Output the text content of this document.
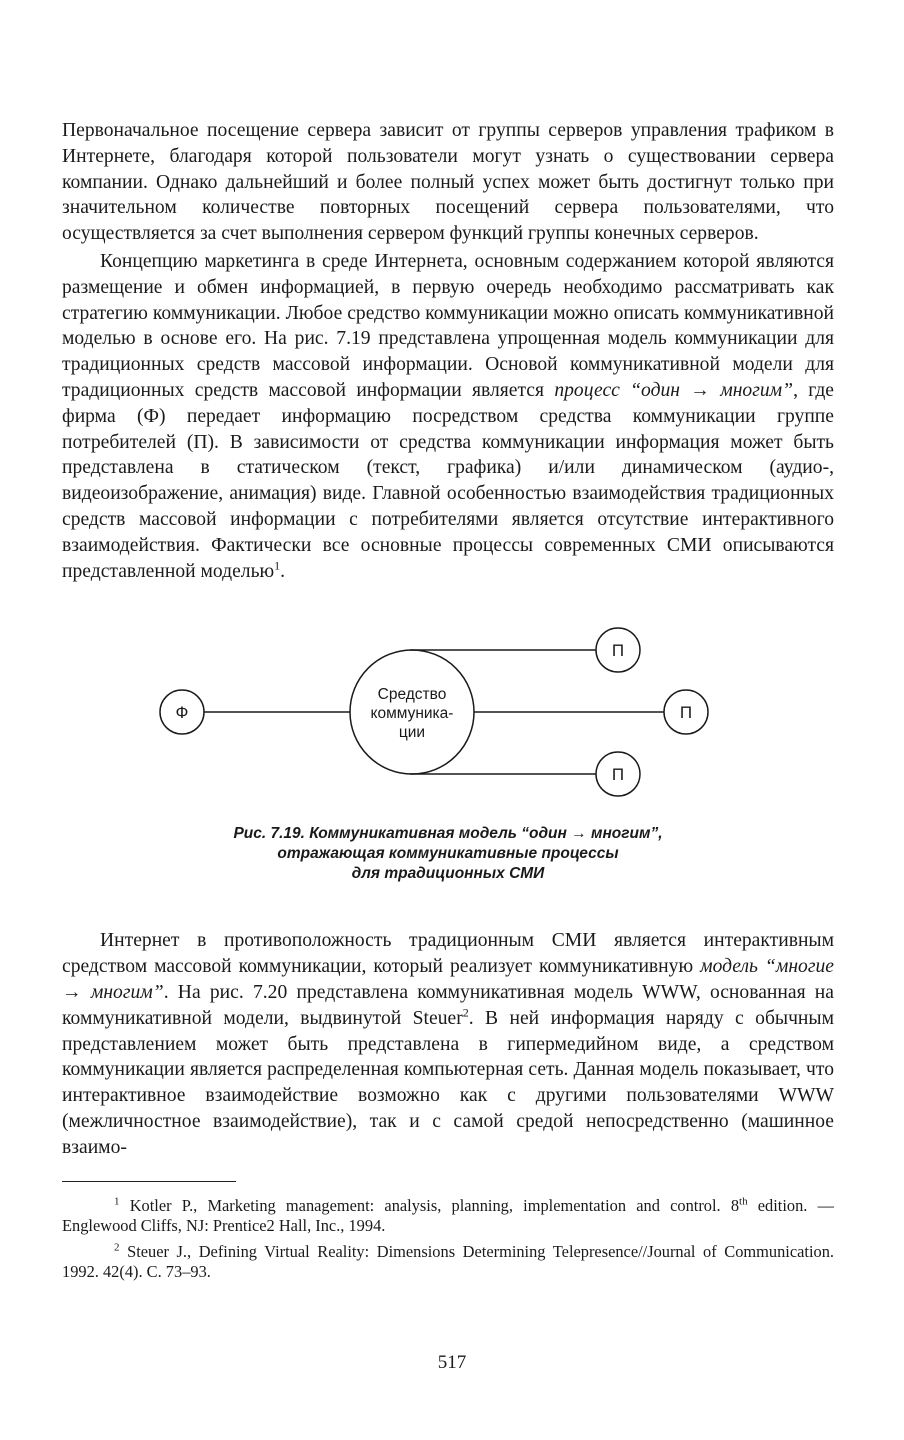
Первоначальное посещение сервера зависит от группы серверов управления трафиком в Интернете, благодаря которой пользователи могут узнать о существовании сервера компании. Однако дальнейший и более полный успех может быть достигнут только при значительном количестве повторных посещений сервера пользователями, что осуществляется за счет выполнения сервером функций группы конечных серверов.

Концепцию маркетинга в среде Интернета, основным содержанием которой являются размещение и обмен информацией, в первую очередь необходимо рассматривать как стратегию коммуникации. Любое средство коммуникации можно описать коммуникативной моделью в основе его. На рис. 7.19 представлена упрощенная модель коммуникации для традиционных средств массовой информации. Основой коммуникативной модели для традиционных средств массовой информации является процесс “один → многим”, где фирма (Ф) передает информацию посредством средства коммуникации группе потребителей (П). В зависимости от средства коммуникации информация может быть представлена в статическом (текст, графика) и/или динамическом (аудио-, видеоизображение, анимация) виде. Главной особенностью взаимодействия традиционных средств массовой информации с потребителями является отсутствие интерактивного взаимодействия. Фактически все основные процессы современных СМИ описываются представленной моделью$^1$.

Ф
Средство
коммуника-
ции
П
П
П

Рис. 7.19. Коммуникативная модель “один → многим”,

отражающая коммуникативные процессы

для традиционных СМИ

Интернет в противоположность традиционным СМИ является интерактивным средством массовой коммуникации, который реализует коммуникативную модель “многие → многим”. На рис. 7.20 представлена коммуникативная модель WWW, основанная на коммуникативной модели, выдвинутой Steuer$^2$. В ней информация наряду с обычным представлением может быть представлена в гипермедийном виде, а средством коммуникации является распределенная компьютерная сеть. Данная модель показывает, что интерактивное взаимодействие возможно как с другими пользователями WWW (межличностное взаимодействие), так и с самой средой непосредственно (машинное взаимо-

$^1$ Kotler P., Marketing management: analysis, planning, implementation and control. 8th edition. — Englewood Cliffs, NJ: Prentice2 Hall, Inc., 1994.

$^2$ Steuer J., Defining Virtual Reality: Dimensions Determining Telepresence//Journal of Communication. 1992. 42(4). С. 73–93.

517
